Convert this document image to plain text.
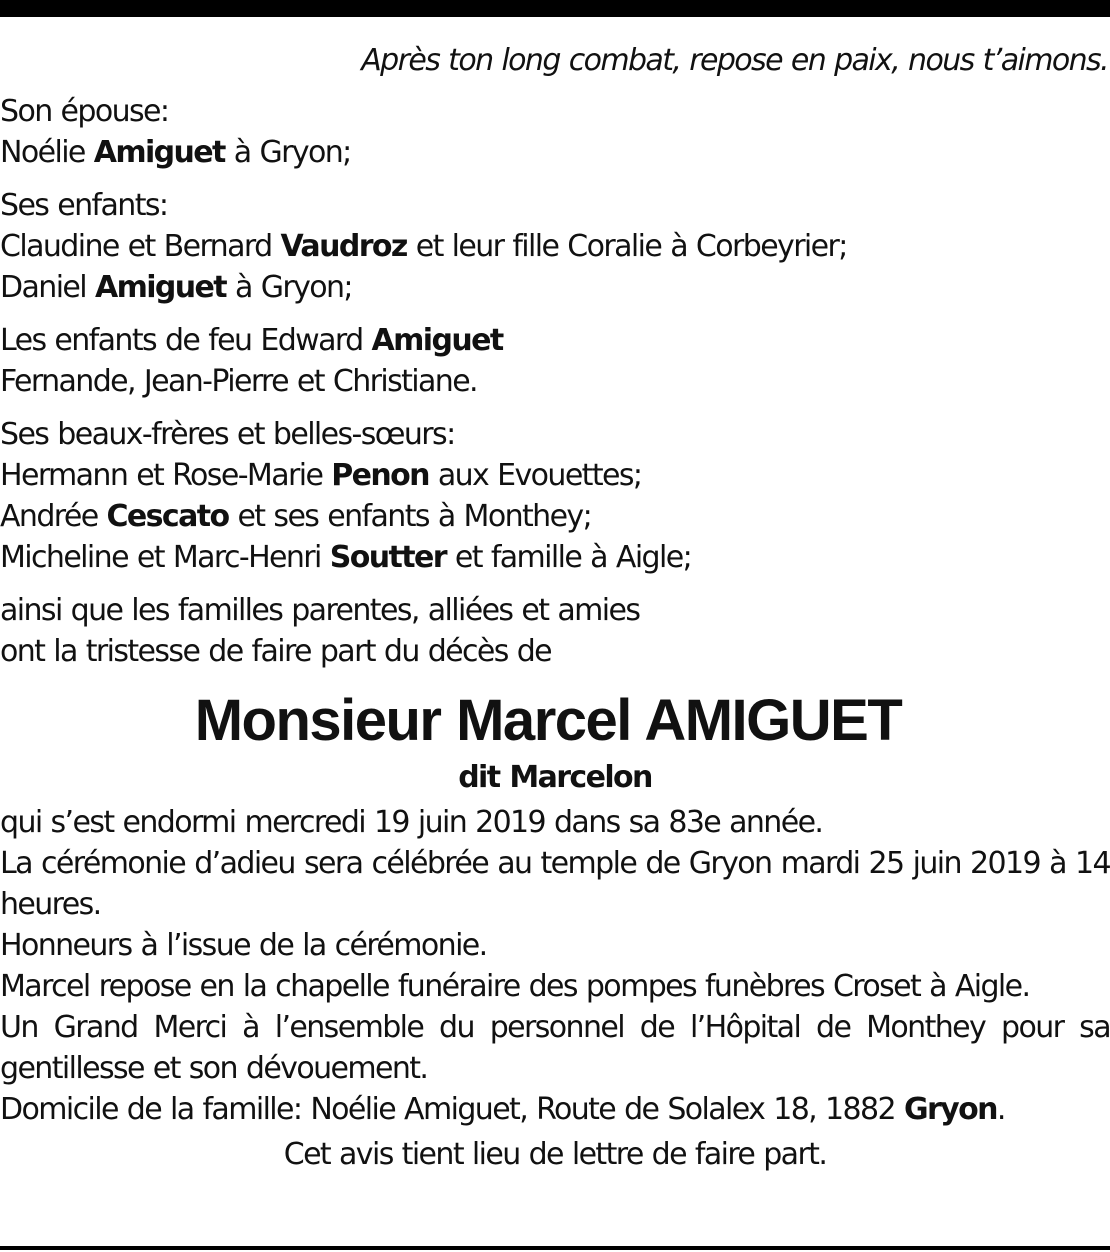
Après ton long combat, repose en paix, nous t’aimons.

Son épouse:

Noélie Amiguet à Gryon;

Ses enfants:

Claudine et Bernard Vaudroz et leur fille Coralie à Corbeyrier;

Daniel Amiguet à Gryon;

Les enfants de feu Edward Amiguet

Fernande, Jean-Pierre et Christiane.

Ses beaux-frères et belles-sœurs:

Hermann et Rose-Marie Penon aux Evouettes;

Andrée Cescato et ses enfants à Monthey;

Micheline et Marc-Henri Soutter et famille à Aigle;

ainsi que les familles parentes, alliées et amies

ont la tristesse de faire part du décès de

Monsieur Marcel AMIGUET

dit Marcelon

qui s’est endormi mercredi 19 juin 2019 dans sa 83e année.

La cérémonie d’adieu sera célébrée au temple de Gryon mardi 25 juin 2019 à 14 heures.

Honneurs à l’issue de la cérémonie.

Marcel repose en la chapelle funéraire des pompes funèbres Croset à Aigle.

Un Grand Merci à l’ensemble du personnel de l’Hôpital de Monthey pour sa gentillesse et son dévouement.

Domicile de la famille: Noélie Amiguet, Route de Solalex 18, 1882 Gryon.

Cet avis tient lieu de lettre de faire part.
